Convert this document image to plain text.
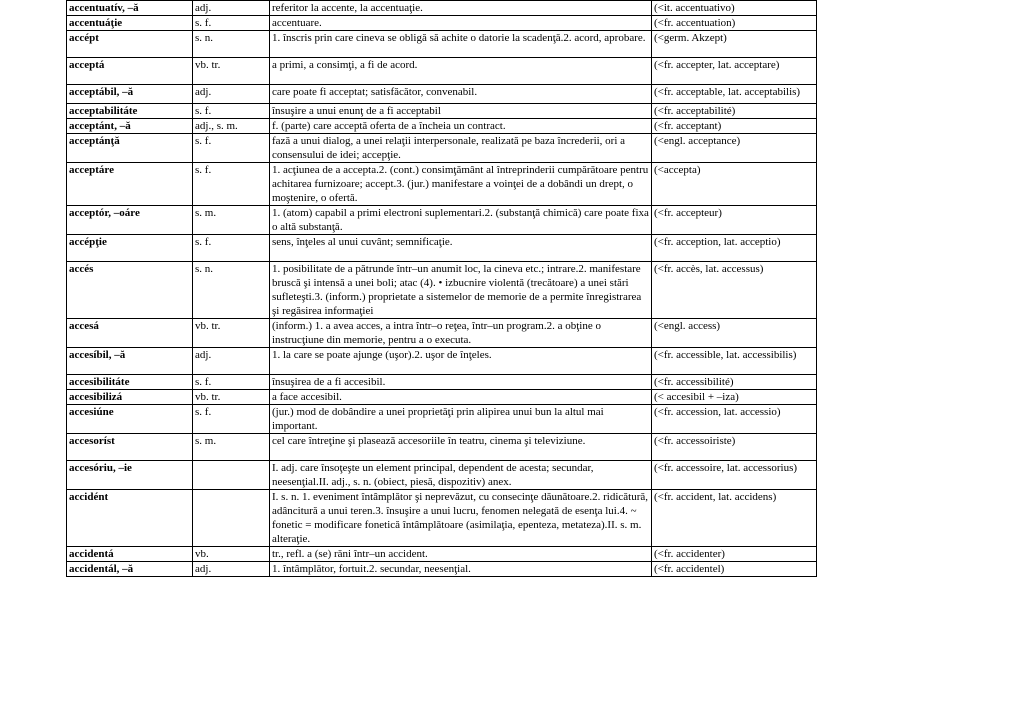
accentuatív, –ă	adj.	referitor la accente, la accentuaţie.	(<it. accentuativo)
accentuáţie	s. f.	accentuare.	(<fr. accentuation)
accépt	s. n.	1. înscris prin care cineva se obligă să achite o datorie la scadenţă.2. acord, aprobare.	(<germ. Akzept)
acceptá	vb. tr.	a primi, a consimţi, a fi de acord.	(<fr. accepter, lat. acceptare)
acceptábil, –ă	adj.	care poate fi acceptat; satisfăcător, convenabil.	(<fr. acceptable, lat. acceptabilis)
acceptabilitáte	s. f.	însuşire a unui enunţ de a fi acceptabil	(<fr. acceptabilité)
acceptánt, –ă	adj., s. m.	f. (parte) care acceptă oferta de a încheia un contract.	(<fr. acceptant)
acceptánţă	s. f.	fază a unui dialog, a unei relaţii interpersonale, realizată pe baza încrederii, ori a consensului de idei; accepţie.	(<engl. acceptance)
acceptáre	s. f.	1. acţiunea de a accepta.2. (cont.) consimţământ al întreprinderii cumpărătoare pentru achitarea furnizoare; accept.3. (jur.) manifestare a voinţei de a dobândi un drept, o moştenire, o ofertă.	(<accepta)
acceptór, –oáre	s. m.	1. (atom) capabil a primi electroni suplementari.2. (substanţă chimică) care poate fixa o altă substanţă.	(<fr. accepteur)
accépţie	s. f.	sens, înţeles al unui cuvânt; semnificaţie.	(<fr. acception, lat. acceptio)
accés	s. n.	1. posibilitate de a pătrunde într–un anumit loc, la cineva etc.; intrare.2. manifestare bruscă şi intensă a unei boli; atac (4). • izbucnire violentă (trecătoare) a unei stări sufleteşti.3. (inform.) proprietate a sistemelor de memorie de a permite înregistrarea şi regăsirea informaţiei	(<fr. accès, lat. accessus)
accesá	vb. tr.	(inform.) 1. a avea acces, a intra într–o reţea, într–un program.2. a obţine o instrucţiune din memorie, pentru a o executa.	(<engl. access)
accesíbil, –ă	adj.	1. la care se poate ajunge (uşor).2. uşor de înţeles.	(<fr. accessible, lat. accessibilis)
accesibilitáte	s. f.	însuşirea de a fi accesibil.	(<fr. accessibilité)
accesibilizá	vb. tr.	a face accesibil.	(< accesibil + –iza)
accesiúne	s. f.	(jur.) mod de dobândire a unei proprietăţi prin alipirea unui bun la altul mai important.	(<fr. accession, lat. accessio)
accesoríst	s. m.	cel care întreţine şi plasează accesoriile în teatru, cinema şi televiziune.	(<fr. accessoiriste)
accesóriu, –ie		I. adj. care însoţeşte un element principal, dependent de acesta; secundar, neesenţial.II. adj., s. n. (obiect, piesă, dispozitiv) anex.	(<fr. accessoire, lat. accessorius)
accidént		I. s. n. 1. eveniment întâmplător şi neprevăzut, cu consecinţe dăunătoare.2. ridicătură, adâncitură a unui teren.3. însuşire a unui lucru, fenomen nelegată de esenţa lui.4. ~ fonetic = modificare fonetică întâmplătoare (asimilaţia, epenteza, metateza).II. s. m. alteraţie.	(<fr. accident, lat. accidens)
accidentá	vb.	tr., refl. a (se) răni într–un accident.	(<fr. accidenter)
accidentál, –ă	adj.	1. întâmplător, fortuit.2. secundar, neesenţial.	(<fr. accidentel)
